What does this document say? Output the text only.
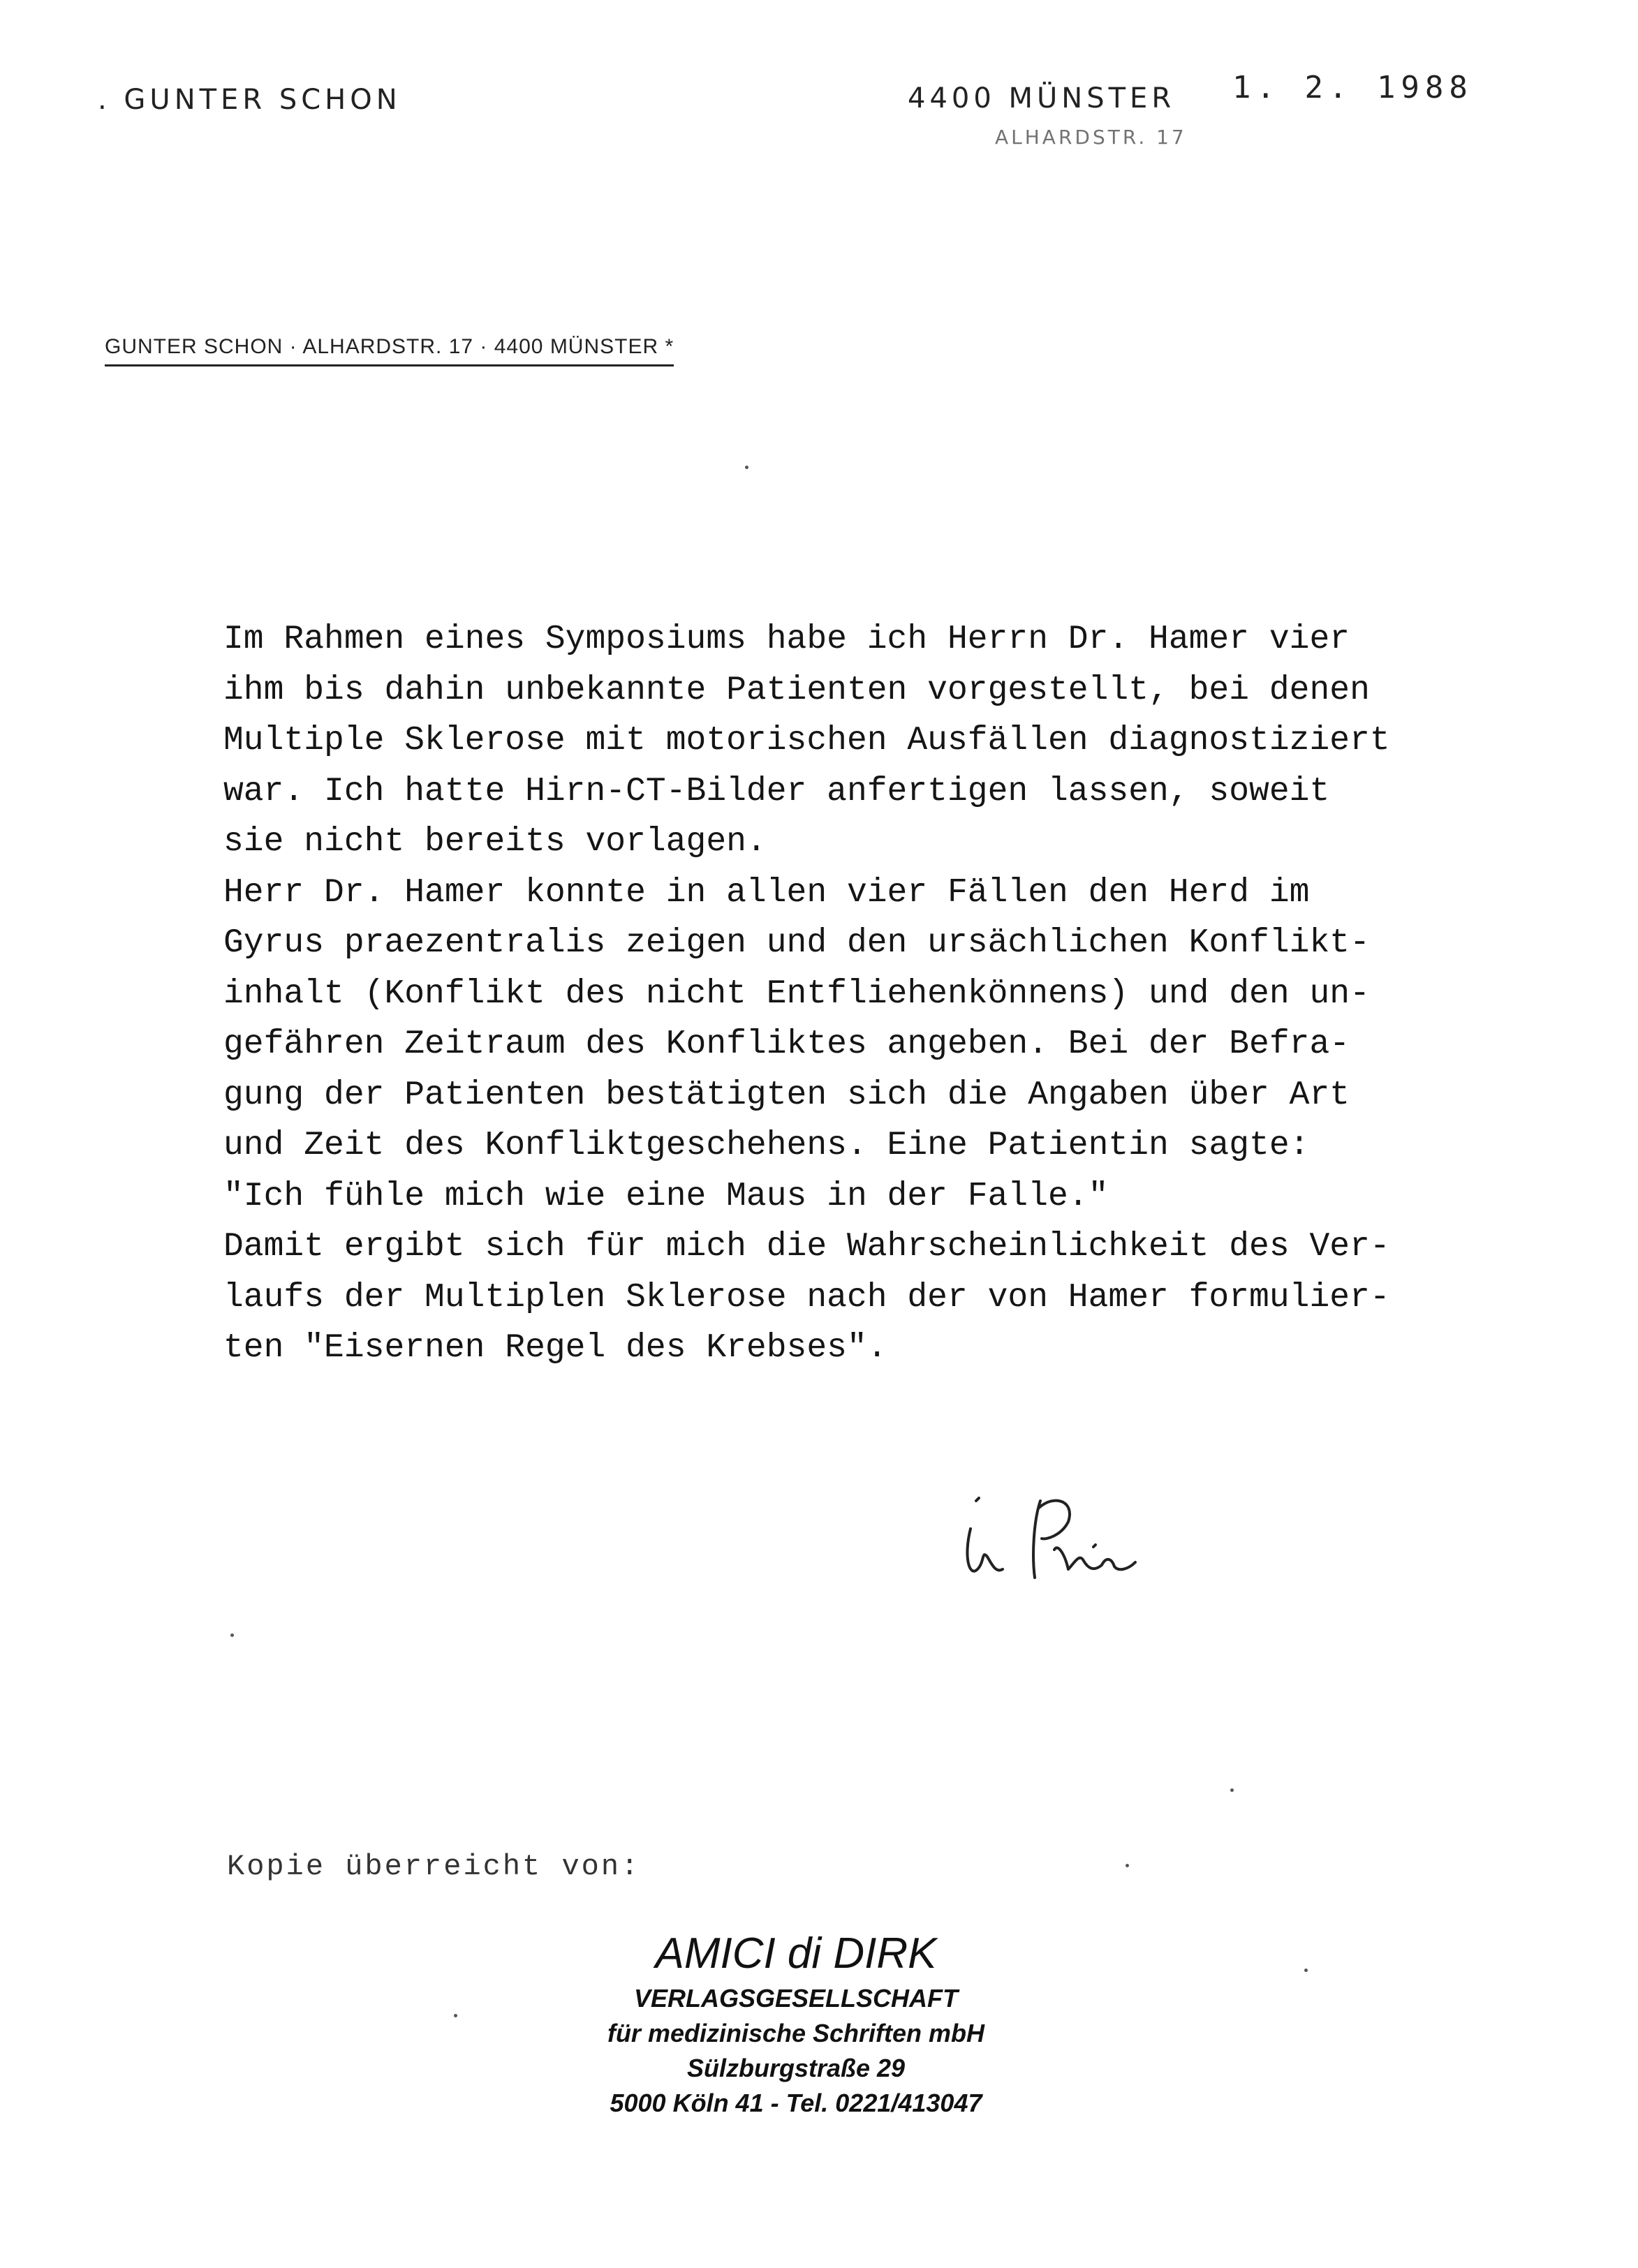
. GUNTER SCHON	4400 MÜNSTER
ALHARDSTR. 17
1. 2. 1988
GUNTER SCHON · ALHARDSTR. 17 · 4400 MÜNSTER *
Im Rahmen eines Symposiums habe ich Herrn Dr. Hamer vier
ihm bis dahin unbekannte Patienten vorgestellt, bei denen
Multiple Sklerose mit motorischen Ausfällen diagnostiziert
war. Ich hatte Hirn-CT-Bilder anfertigen lassen, soweit
sie nicht bereits vorlagen.
Herr Dr. Hamer konnte in allen vier Fällen den Herd im
Gyrus praezentralis zeigen und den ursächlichen Konflikt-
inhalt (Konflikt des nicht Entfliehenkönnens) und den un-
gefähren Zeitraum des Konfliktes angeben. Bei der Befra-
gung der Patienten bestätigten sich die Angaben über Art
und Zeit des Konfliktgeschehens. Eine Patientin sagte:
"Ich fühle mich wie eine Maus in der Falle."
Damit ergibt sich für mich die Wahrscheinlichkeit des Ver-
laufs der Multiplen Sklerose nach der von Hamer formulier-
ten "Eisernen Regel des Krebses".
Kopie überreicht von:
AMICI di DIRK
VERLAGSGESELLSCHAFT
für medizinische Schriften mbH
Sülzburgstraße 29
5000 Köln 41 - Tel. 0221/413047
